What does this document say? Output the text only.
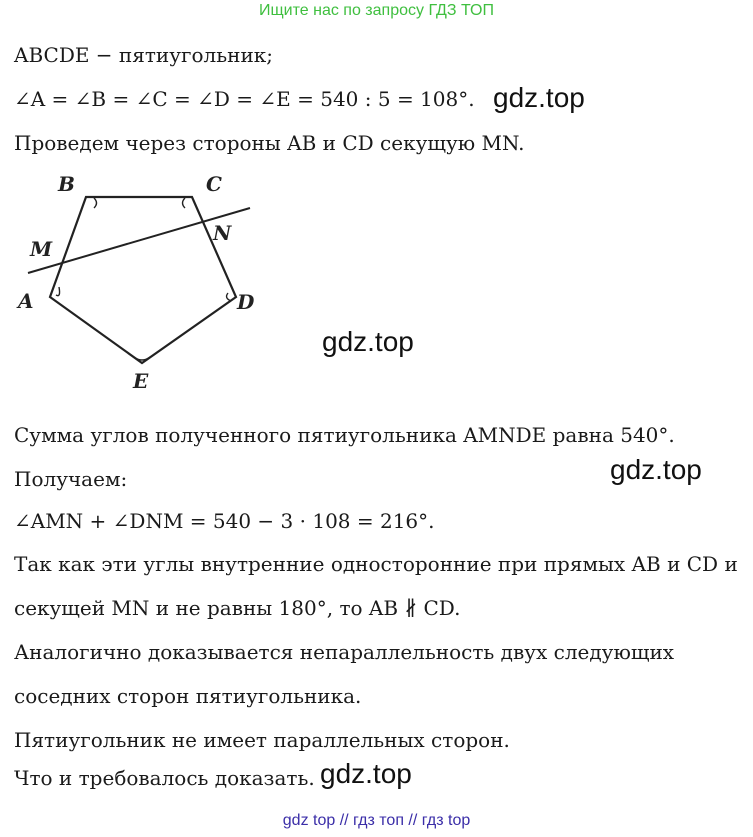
Ищите нас по запросу ГДЗ ТОП
ABCDE − пятиугольник;
∠A = ∠B = ∠C = ∠D = ∠E = 540 : 5 = 108°. gdz.top
Проведем через стороны AB и CD секущую MN.
B	C
M
N
A	D
E
gdz.top
Сумма углов полученного пятиугольника AMNDE равна 540°.
Получаем:	gdz.top
∠AMN + ∠DNM = 540 − 3 · 108 = 216°.
Так как эти углы внутренние односторонние при прямых AB и CD и
секущей MN и не равны 180°, то AB ∦ CD.
Аналогично доказывается непараллельность двух следующих
соседних сторон пятиугольника.
Пятиугольник не имеет параллельных сторон.
Что и требовалось доказать. gdz.top
gdz top // гдз топ // гдз top
